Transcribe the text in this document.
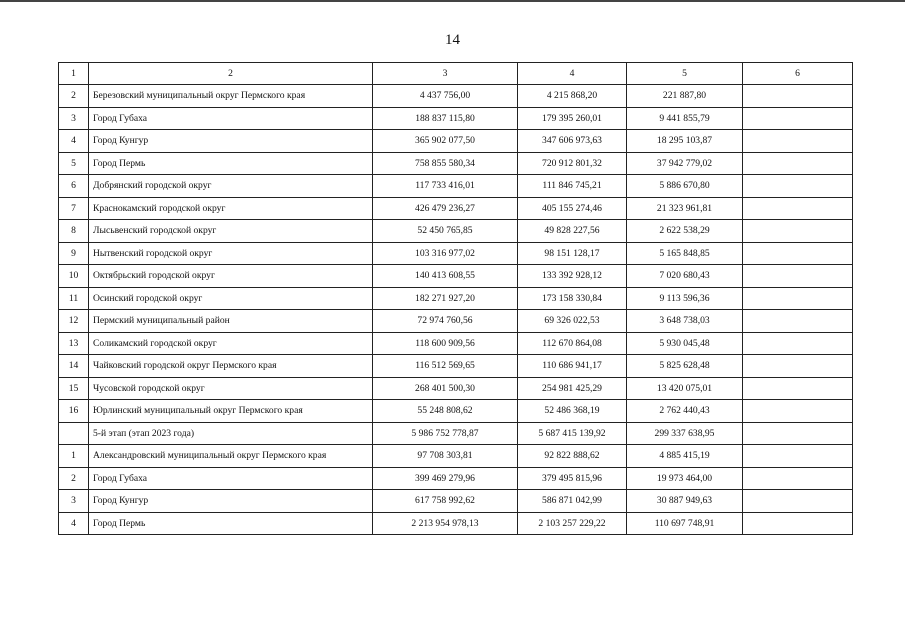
14
1	2	3	4	5	6
2	Березовский муниципальный округ Пермского края	4 437 756,00	4 215 868,20	221 887,80	
3	Город Губаха	188 837 115,80	179 395 260,01	9 441 855,79	
4	Город Кунгур	365 902 077,50	347 606 973,63	18 295 103,87	
5	Город Пермь	758 855 580,34	720 912 801,32	37 942 779,02	
6	Добрянский городской округ	117 733 416,01	111 846 745,21	5 886 670,80	
7	Краснокамский городской округ	426 479 236,27	405 155 274,46	21 323 961,81	
8	Лысьвенский городской округ	52 450 765,85	49 828 227,56	2 622 538,29	
9	Нытвенский городской округ	103 316 977,02	98 151 128,17	5 165 848,85	
10	Октябрьский городской округ	140 413 608,55	133 392 928,12	7 020 680,43	
11	Осинский городской округ	182 271 927,20	173 158 330,84	9 113 596,36	
12	Пермский муниципальный район	72 974 760,56	69 326 022,53	3 648 738,03	
13	Соликамский городской округ	118 600 909,56	112 670 864,08	5 930 045,48	
14	Чайковский городской округ Пермского края	116 512 569,65	110 686 941,17	5 825 628,48	
15	Чусовской городской округ	268 401 500,30	254 981 425,29	13 420 075,01	
16	Юрлинский муниципальный округ Пермского края	55 248 808,62	52 486 368,19	2 762 440,43	
	5-й этап (этап 2023 года)	5 986 752 778,87	5 687 415 139,92	299 337 638,95	
1	Александровский муниципальный округ Пермского края	97 708 303,81	92 822 888,62	4 885 415,19	
2	Город Губаха	399 469 279,96	379 495 815,96	19 973 464,00	
3	Город Кунгур	617 758 992,62	586 871 042,99	30 887 949,63	
4	Город Пермь	2 213 954 978,13	2 103 257 229,22	110 697 748,91	
